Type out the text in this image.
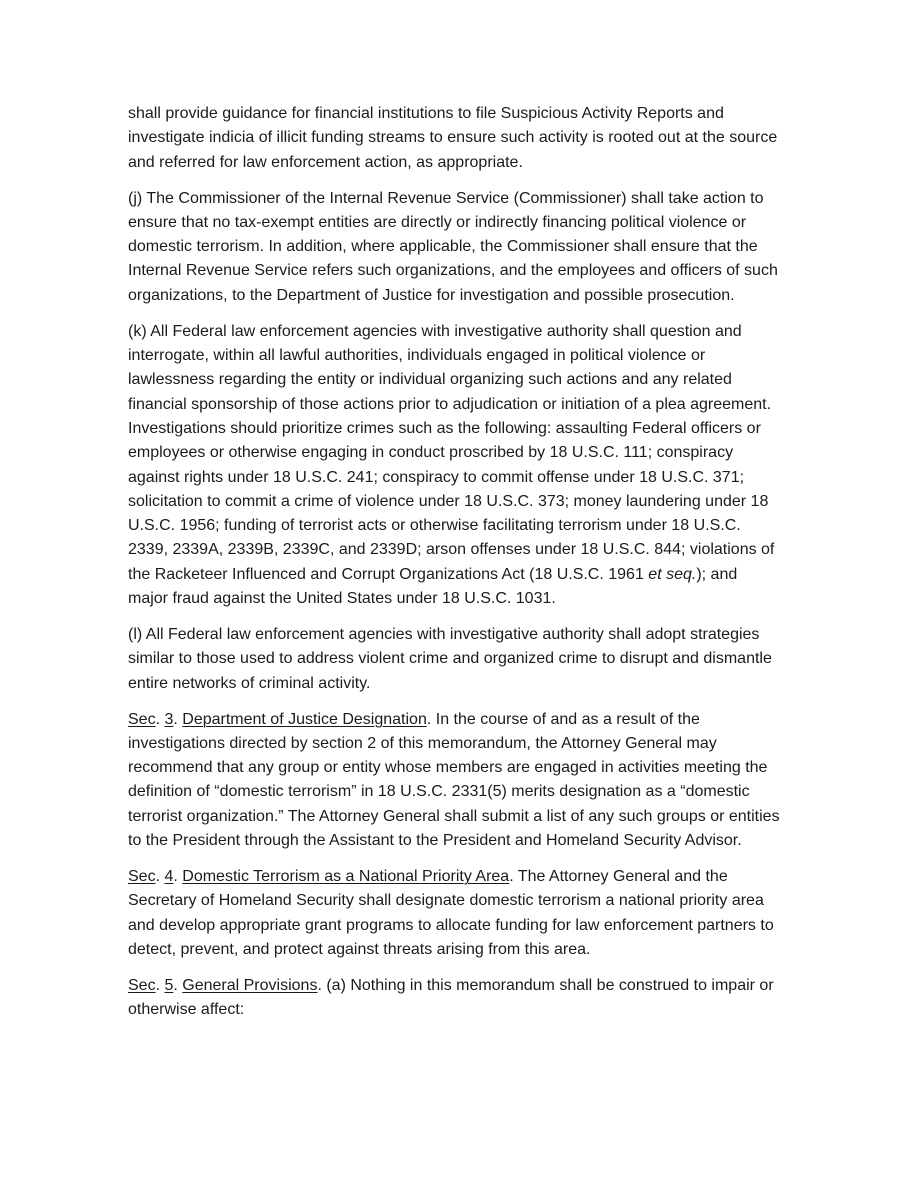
shall provide guidance for financial institutions to file Suspicious Activity Reports and investigate indicia of illicit funding streams to ensure such activity is rooted out at the source and referred for law enforcement action, as appropriate.

(j) The Commissioner of the Internal Revenue Service (Commissioner) shall take action to ensure that no tax-exempt entities are directly or indirectly financing political violence or domestic terrorism. In addition, where applicable, the Commissioner shall ensure that the Internal Revenue Service refers such organizations, and the employees and officers of such organizations, to the Department of Justice for investigation and possible prosecution.

(k) All Federal law enforcement agencies with investigative authority shall question and interrogate, within all lawful authorities, individuals engaged in political violence or lawlessness regarding the entity or individual organizing such actions and any related financial sponsorship of those actions prior to adjudication or initiation of a plea agreement. Investigations should prioritize crimes such as the following: assaulting Federal officers or employees or otherwise engaging in conduct proscribed by 18 U.S.C. 111; conspiracy against rights under 18 U.S.C. 241; conspiracy to commit offense under 18 U.S.C. 371; solicitation to commit a crime of violence under 18 U.S.C. 373; money laundering under 18 U.S.C. 1956; funding of terrorist acts or otherwise facilitating terrorism under 18 U.S.C. 2339, 2339A, 2339B, 2339C, and 2339D; arson offenses under 18 U.S.C. 844; violations of the Racketeer Influenced and Corrupt Organizations Act (18 U.S.C. 1961 et seq.); and major fraud against the United States under 18 U.S.C. 1031.

(l) All Federal law enforcement agencies with investigative authority shall adopt strategies similar to those used to address violent crime and organized crime to disrupt and dismantle entire networks of criminal activity.

Sec. 3. Department of Justice Designation. In the course of and as a result of the investigations directed by section 2 of this memorandum, the Attorney General may recommend that any group or entity whose members are engaged in activities meeting the definition of “domestic terrorism” in 18 U.S.C. 2331(5) merits designation as a “domestic terrorist organization.” The Attorney General shall submit a list of any such groups or entities to the President through the Assistant to the President and Homeland Security Advisor.

Sec. 4. Domestic Terrorism as a National Priority Area. The Attorney General and the Secretary of Homeland Security shall designate domestic terrorism a national priority area and develop appropriate grant programs to allocate funding for law enforcement partners to detect, prevent, and protect against threats arising from this area.

Sec. 5. General Provisions. (a) Nothing in this memorandum shall be construed to impair or otherwise affect:
